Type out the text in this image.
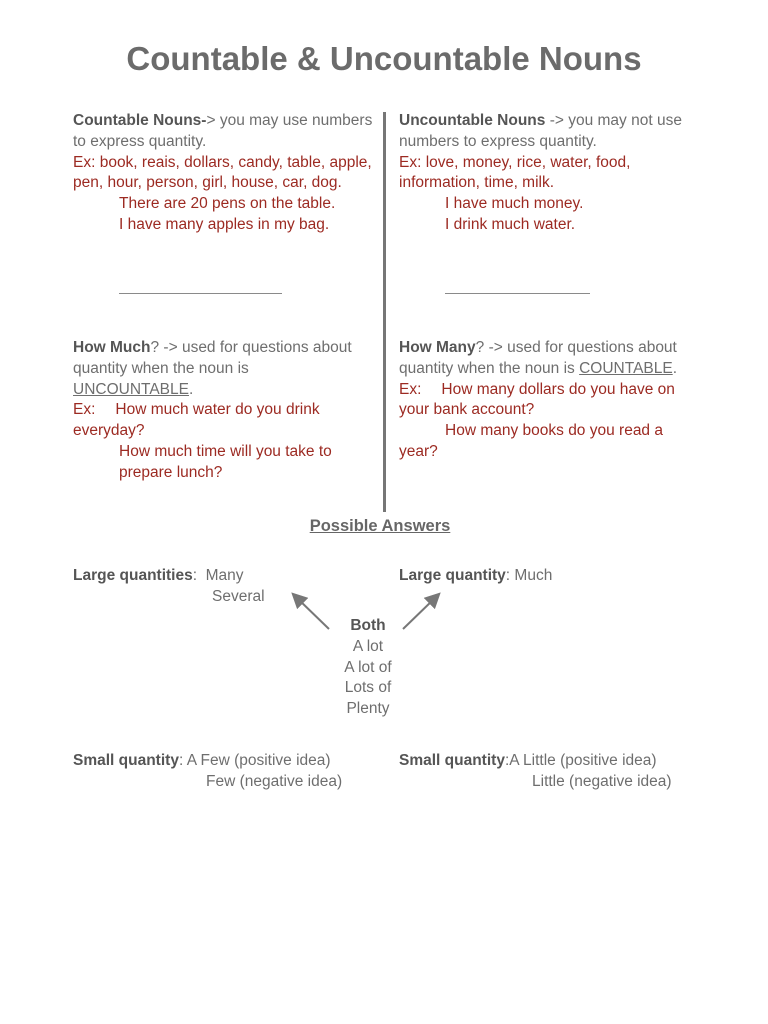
Countable & Uncountable Nouns

Countable Nouns-> you may use numbers to express quantity.

Ex: book, reais, dollars, candy, table, apple, pen, hour, person, girl, house, car, dog.

There are 20 pens on the table.

I have many apples in my bag.

Uncountable Nouns -> you may not use numbers to express quantity.

Ex: love, money, rice, water, food, information, time, milk.

I have much money.

I drink much water.

How Much? -> used for questions about quantity when the noun is UNCOUNTABLE.

Ex: How much water do you drink everyday?

How much time will you take to prepare lunch?

How Many? -> used for questions about quantity when the noun is COUNTABLE.

Ex: How many dollars do you have on your bank account?

How many books do you read a year?

Possible Answers
Large quantities:  Many
Several
Large quantity: Much
Both
A lot
A lot of
Lots of
Plenty
Small quantity: A Few (positive idea)
Few (negative idea)
Small quantity:A Little (positive idea)
Little (negative idea)
